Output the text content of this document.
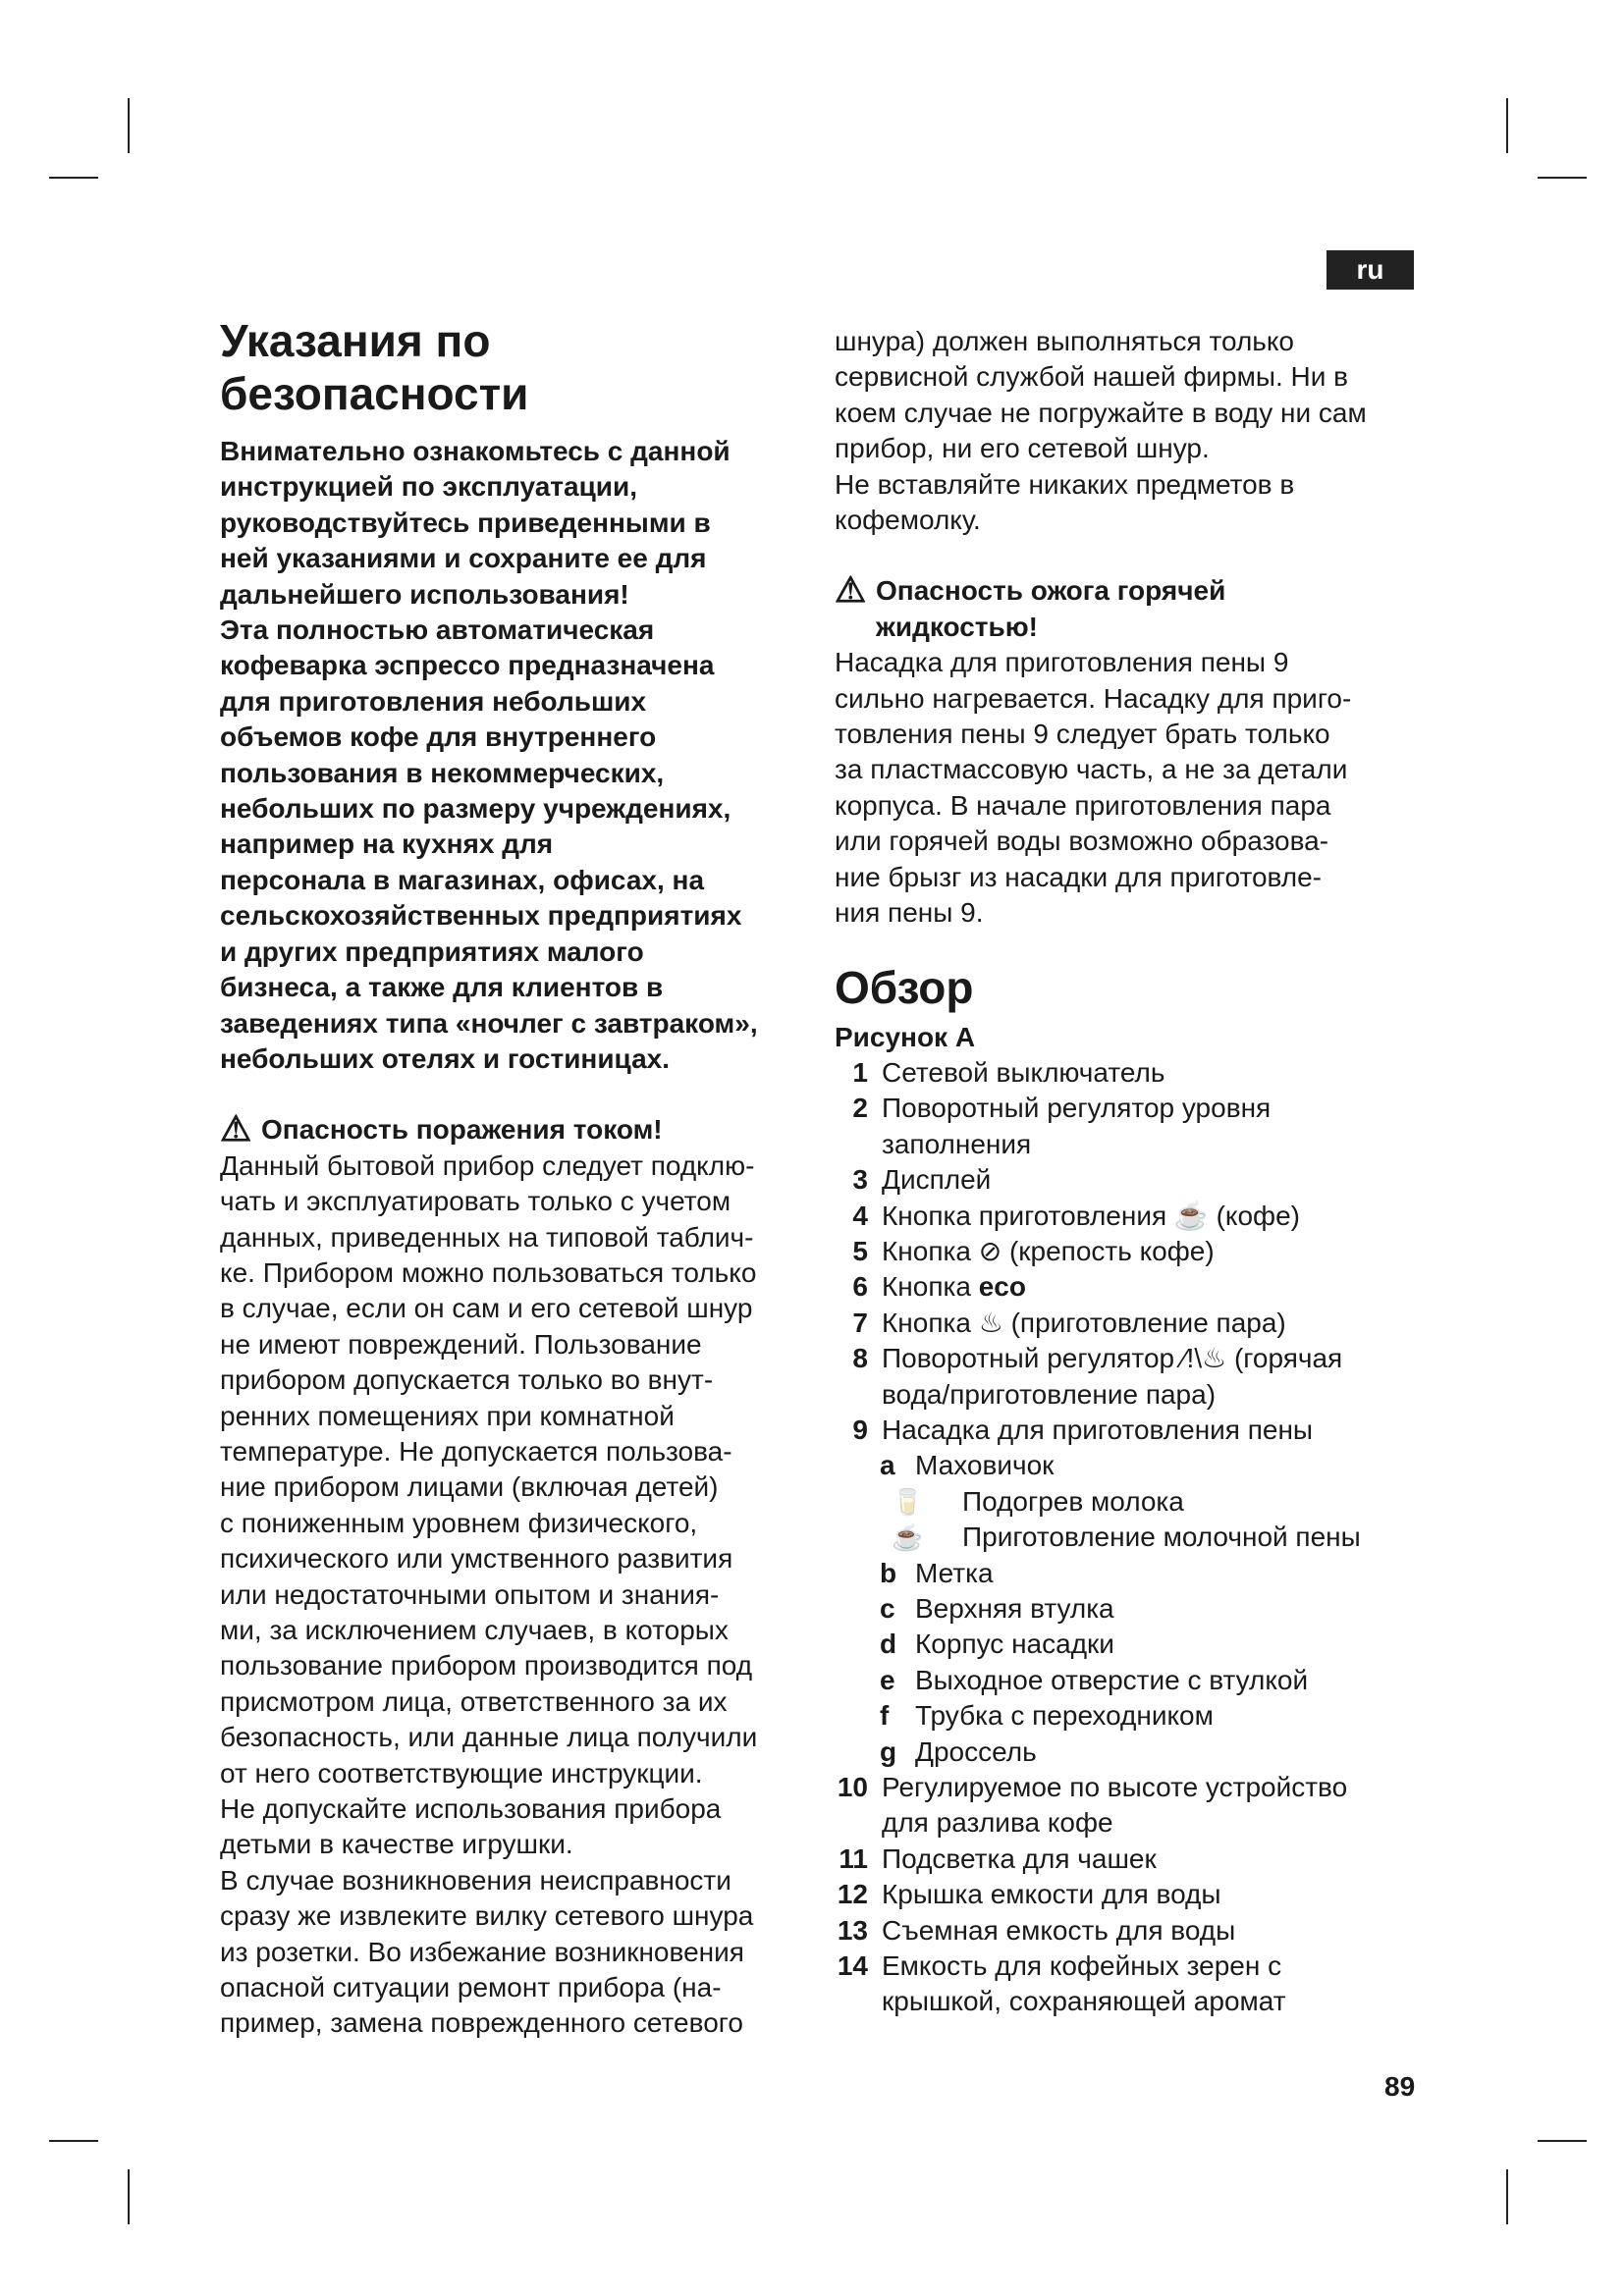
ru
Указания по
безопасности

Внимательно ознакомьтесь с данной

инструкцией по эксплуатации,

руководствуйтесь приведенными в

ней указаниями и сохраните ее для

дальнейшего использования!

Эта полностью автоматическая

кофеварка эспрессо предназначена

для приготовления небольших

объемов кофе для внутреннего

пользования в некоммерческих,

небольших по размеру учреждениях,

например на кухнях для

персонала в магазинах, офисах, на

сельскохозяйственных предприятиях

и других предприятиях малого

бизнеса, а также для клиентов в

заведениях типа «ночлег с завтраком»,

небольших отелях и гостиницах.

⚠ Опасность поражения током!

Данный бытовой прибор следует подклю-

чать и эксплуатировать только с учетом

данных, приведенных на типовой таблич-

ке. Прибором можно пользоваться только

в случае, если он сам и его сетевой шнур

не имеют повреждений. Пользование

прибором допускается только во внут-

ренних помещениях при комнатной

температуре. Не допускается пользова-

ние прибором лицами (включая детей)

с пониженным уровнем физического,

психического или умственного развития

или недостаточными опытом и знания-

ми, за исключением случаев, в которых

пользование прибором производится под

присмотром лица, ответственного за их

безопасность, или данные лица получили

от него соответствующие инструкции.

Не допускайте использования прибора

детьми в качестве игрушки.

В случае возникновения неисправности

сразу же извлеките вилку сетевого шнура

из розетки. Во избежание возникновения

опасной ситуации ремонт прибора (на-

пример, замена поврежденного сетевого

шнура) должен выполняться только

сервисной службой нашей фирмы. Ни в

коем случае не погружайте в воду ни сам

прибор, ни его сетевой шнур.

Не вставляйте никаких предметов в

кофемолку.

⚠ Опасность ожога горячей
жидкостью!

Насадка для приготовления пены 9

сильно нагревается. Насадку для приго-

товления пены 9 следует брать только

за пластмассовую часть, а не за детали

корпуса. В начале приготовления пара

или горячей воды возможно образова-

ние брызг из насадки для приготовле-

ния пены 9.

Обзор

Рисунок A

1 Сетевой выключатель
2 Поворотный регулятор уровня
заполнения
3 Дисплей
4 Кнопка приготовления ☕ (кофе)
5 Кнопка ⊘ (крепость кофе)
6 Кнопка eco
7 Кнопка ♨ (приготовление пара)
8 Поворотный регулятор ⁄!\♨ (горячая
вода/приготовление пара)
9 Насадка для приготовления пены
a Маховичок
🥛 Подогрев молока
☕ Приготовление молочной пены
b Метка
c Верхняя втулка
d Корпус насадки
e Выходное отверстие с втулкой
f Трубка с переходником
g Дроссель
10 Регулируемое по высоте устройство
для разлива кофе
11 Подсветка для чашек
12 Крышка емкости для воды
13 Съемная емкость для воды
14 Емкость для кофейных зерен с
крышкой, сохраняющей аромат
89
